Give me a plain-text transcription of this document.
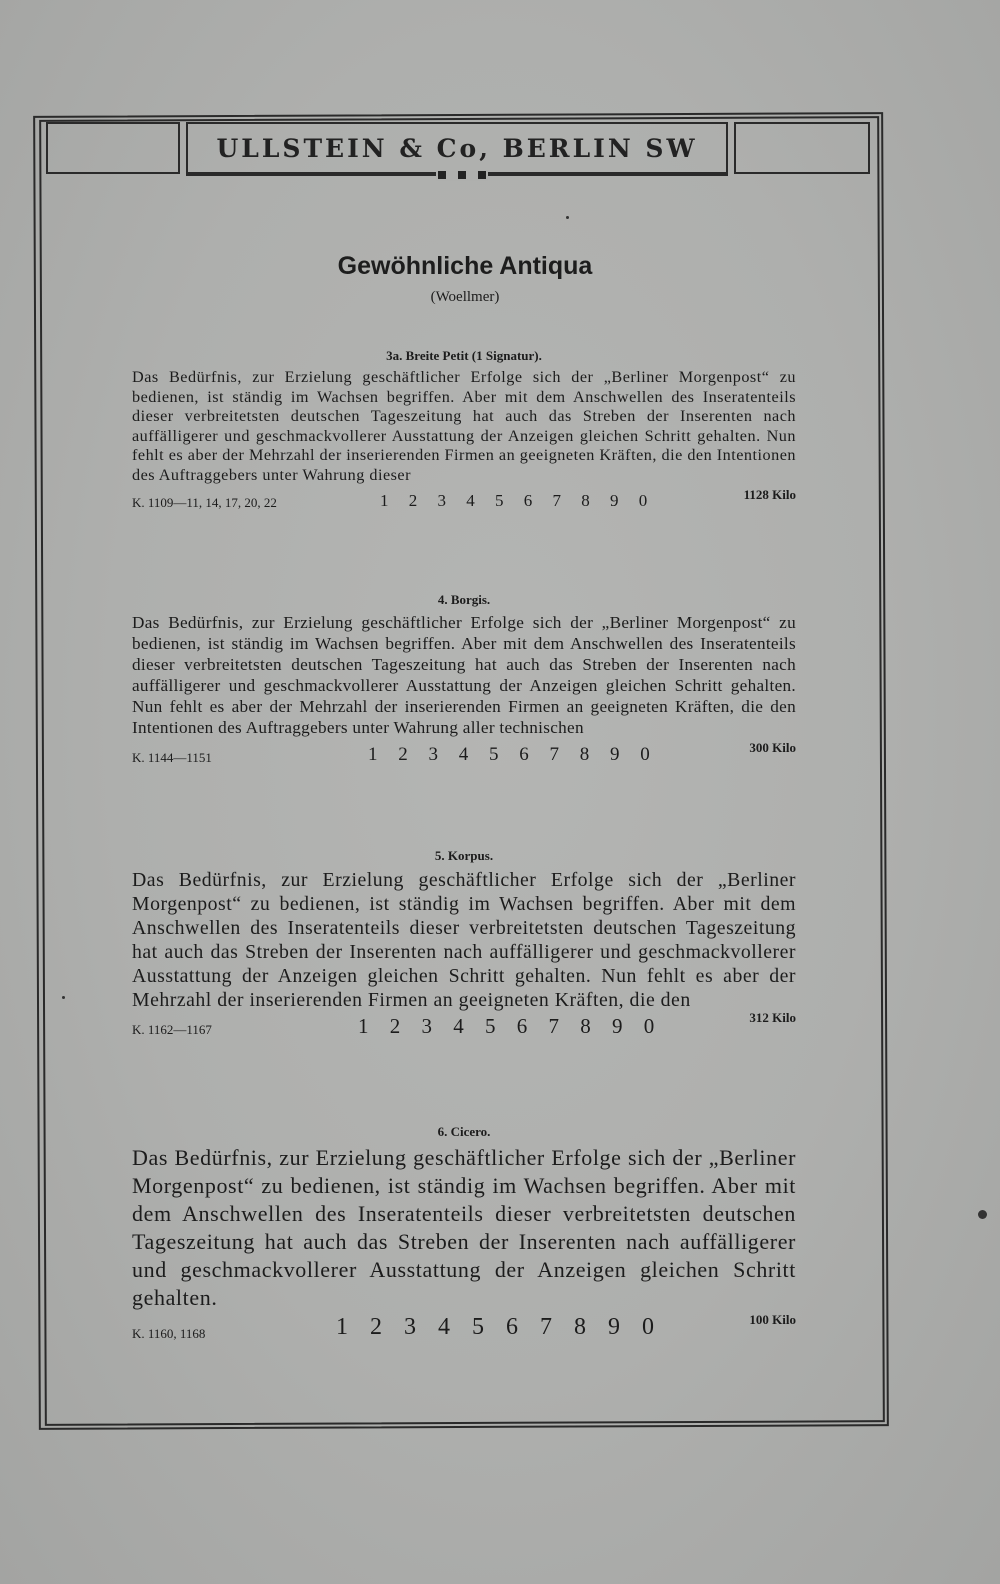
ULLSTEIN & Co, BERLIN SW
Gewöhnliche Antiqua
(Woellmer)
3a. Breite Petit (1 Signatur).
Das Bedürfnis, zur Erzielung geschäftlicher Erfolge sich der „Berliner Morgenpost“ zu bedienen, ist ständig im Wachsen begriffen. Aber mit dem Anschwellen des Inseratenteils dieser verbreitetsten deutschen Tageszeitung hat auch das Streben der Inserenten nach auffälligerer und geschmackvollerer Ausstattung der Anzeigen gleichen Schritt gehalten. Nun fehlt es aber der Mehrzahl der inserierenden Firmen an geeigneten Kräften, die den Intentionen des Auftraggebers unter Wahrung dieser
K. 1109—11, 14, 17, 20, 22	1 2 3 4 5 6 7 8 9 0	1128 Kilo
4. Borgis.
Das Bedürfnis, zur Erzielung geschäftlicher Erfolge sich der „Berliner Morgenpost“ zu bedienen, ist ständig im Wachsen begriffen. Aber mit dem Anschwellen des Inseratenteils dieser verbreitetsten deutschen Tageszeitung hat auch das Streben der Inserenten nach auffälligerer und geschmackvollerer Ausstattung der Anzeigen gleichen Schritt gehalten. Nun fehlt es aber der Mehrzahl der inserierenden Firmen an geeigneten Kräften, die den Intentionen des Auftraggebers unter Wahrung aller technischen
K. 1144—1151	1 2 3 4 5 6 7 8 9 0	300 Kilo
5. Korpus.
Das Bedürfnis, zur Erzielung geschäftlicher Erfolge sich der „Berliner Morgenpost“ zu bedienen, ist ständig im Wachsen begriffen. Aber mit dem Anschwellen des Inseratenteils dieser verbreitetsten deutschen Tageszeitung hat auch das Streben der Inserenten nach auffälligerer und geschmackvollerer Ausstattung der Anzeigen gleichen Schritt gehalten. Nun fehlt es aber der Mehrzahl der inserierenden Firmen an geeigneten Kräften, die den
K. 1162—1167	1 2 3 4 5 6 7 8 9 0	312 Kilo
6. Cicero.
Das Bedürfnis, zur Erzielung geschäftlicher Erfolge sich der „Berliner Morgenpost“ zu bedienen, ist ständig im Wachsen begriffen. Aber mit dem Anschwellen des Inseratenteils dieser verbreitetsten deutschen Tageszeitung hat auch das Streben der Inserenten nach auffälligerer und geschmackvollerer Ausstattung der Anzeigen gleichen Schritt gehalten.
K. 1160, 1168	1 2 3 4 5 6 7 8 9 0	100 Kilo
